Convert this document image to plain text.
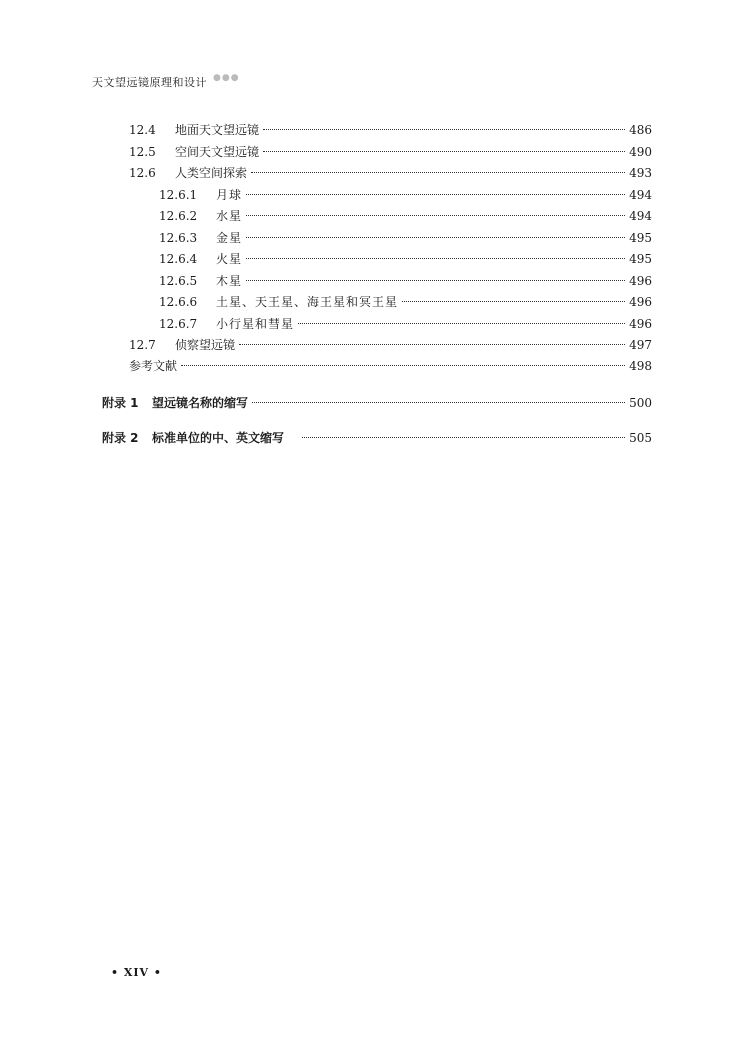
天文望远镜原理和设计 ●●●
12.4	地面天文望远镜	486
12.5	空间天文望远镜	490
12.6	人类空间探索	493
12.6.1	月球	494
12.6.2	水星	494
12.6.3	金星	495
12.6.4	火星	495
12.6.5	木星	496
12.6.6	土星、天王星、海王星和冥王星	496
12.6.7	小行星和彗星	496
12.7	侦察望远镜	497
参考文献	498
附录 1	望远镜名称的缩写	500
附录 2	标准单位的中、英文缩写	505
• XIV •
